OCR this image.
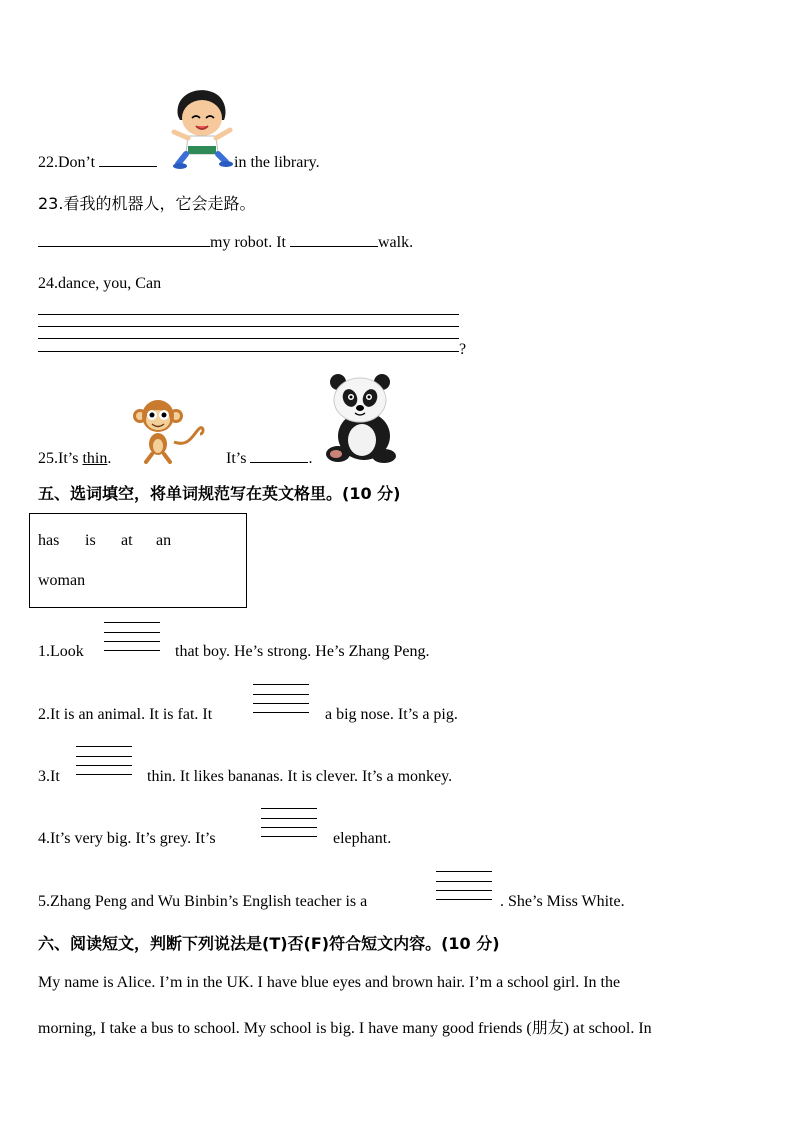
22.Don’t	in the library.
23.看我的机器人，它会走路。
my robot. It	walk.
24.dance, you, Can
?
25.It’s thin.	It’s	.
五、选词填空，将单词规范写在英文格里。(10 分)
has is at an
woman
1.Look	that boy. He’s strong. He’s Zhang Peng.
2.It is an animal. It is fat. It	a big nose. It’s a pig.
3.It	thin. It likes bananas. It is clever. It’s a monkey.
4.It’s very big. It’s grey. It’s	elephant.
5.Zhang Peng and Wu Binbin’s English teacher is a	. She’s Miss White.
六、阅读短文，判断下列说法是(T)否(F)符合短文内容。(10 分)
My name is Alice. I’m in the UK. I have blue eyes and brown hair. I’m a school girl. In the
morning, I take a bus to school. My school is big. I have many good friends (朋友) at school. In
